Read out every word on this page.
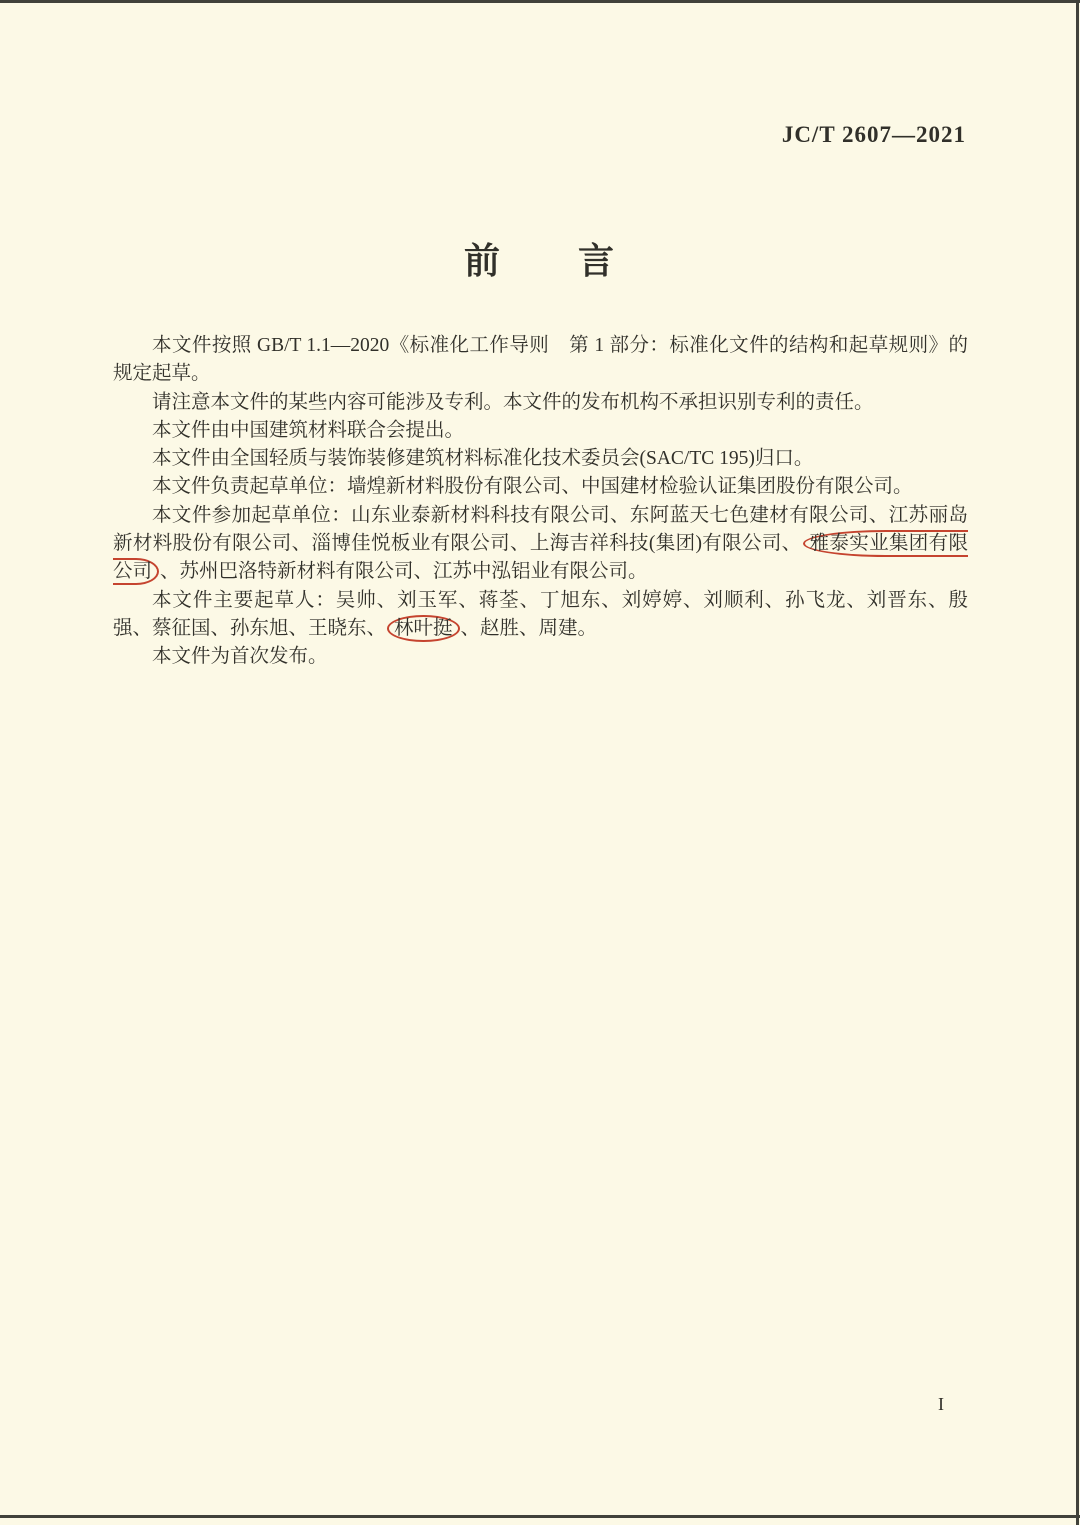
JC/T 2607—2021
前　　言

本文件按照 GB/T 1.1—2020《标准化工作导则　第 1 部分：标准化文件的结构和起草规则》的规定起草。

请注意本文件的某些内容可能涉及专利。本文件的发布机构不承担识别专利的责任。

本文件由中国建筑材料联合会提出。

本文件由全国轻质与装饰装修建筑材料标准化技术委员会(SAC/TC 195)归口。

本文件负责起草单位：墙煌新材料股份有限公司、中国建材检验认证集团股份有限公司。

本文件参加起草单位：山东业泰新材料科技有限公司、东阿蓝天七色建材有限公司、江苏丽岛新材料股份有限公司、淄博佳悦板业有限公司、上海吉祥科技(集团)有限公司、 雅泰实业集团有限公司 、苏州巴洛特新材料有限公司、江苏中泓铝业有限公司。

本文件主要起草人：吴帅、刘玉军、蒋荃、丁旭东、刘婷婷、刘顺利、孙飞龙、刘晋东、殷强、蔡征国、孙东旭、王晓东、 林叶挺 、赵胜、周建。

本文件为首次发布。

I
